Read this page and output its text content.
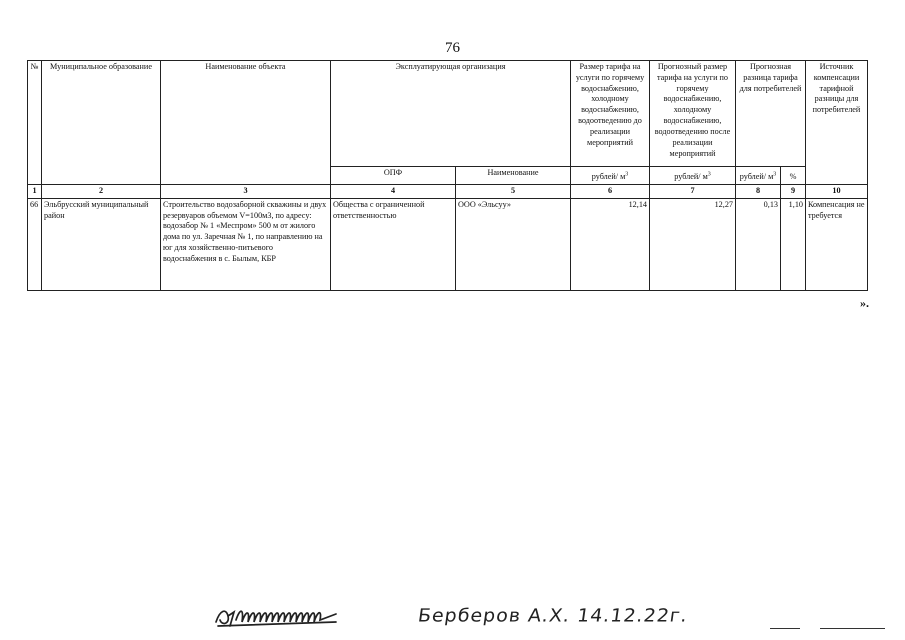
76
№	Муниципальное образование	Наименование объекта	Эксплуатирующая организация		Размер тарифа на услуги по горячему водоснабжению, холодному водоснабжению, водоотведению до реализации мероприятий	Прогнозный размер тарифа на услуги по горячему водоснабжению, холодному водоснабжению, водоотведению после реализации мероприятий	Прогнозная разница тарифа для потребителей		Источник компенсации тарифной разницы для потребителей
			ОПФ	Наименование	рублей/ $м^3$	рублей/ $м^3$	рублей/ $м^3$	%	
1	2	3	4	5	6	7	8	9	10
66	Эльбрусский муниципальный район	Строительство водозаборной скважины и двух резервуаров объемом V=100м3, по адресу: водозабор № 1 «Меспром» 500 м от жилого дома по ул. Заречная № 1, по направлению на юг для хозяйственно-питьевого водоснабжения в с. Былым, КБР	Общества с ограниченной ответственностью	ООО «Эльсуу»	12,14	12,27	0,13	1,10	Компенсация не требуется
».
Берберов А.Х. 14.12.22г.
